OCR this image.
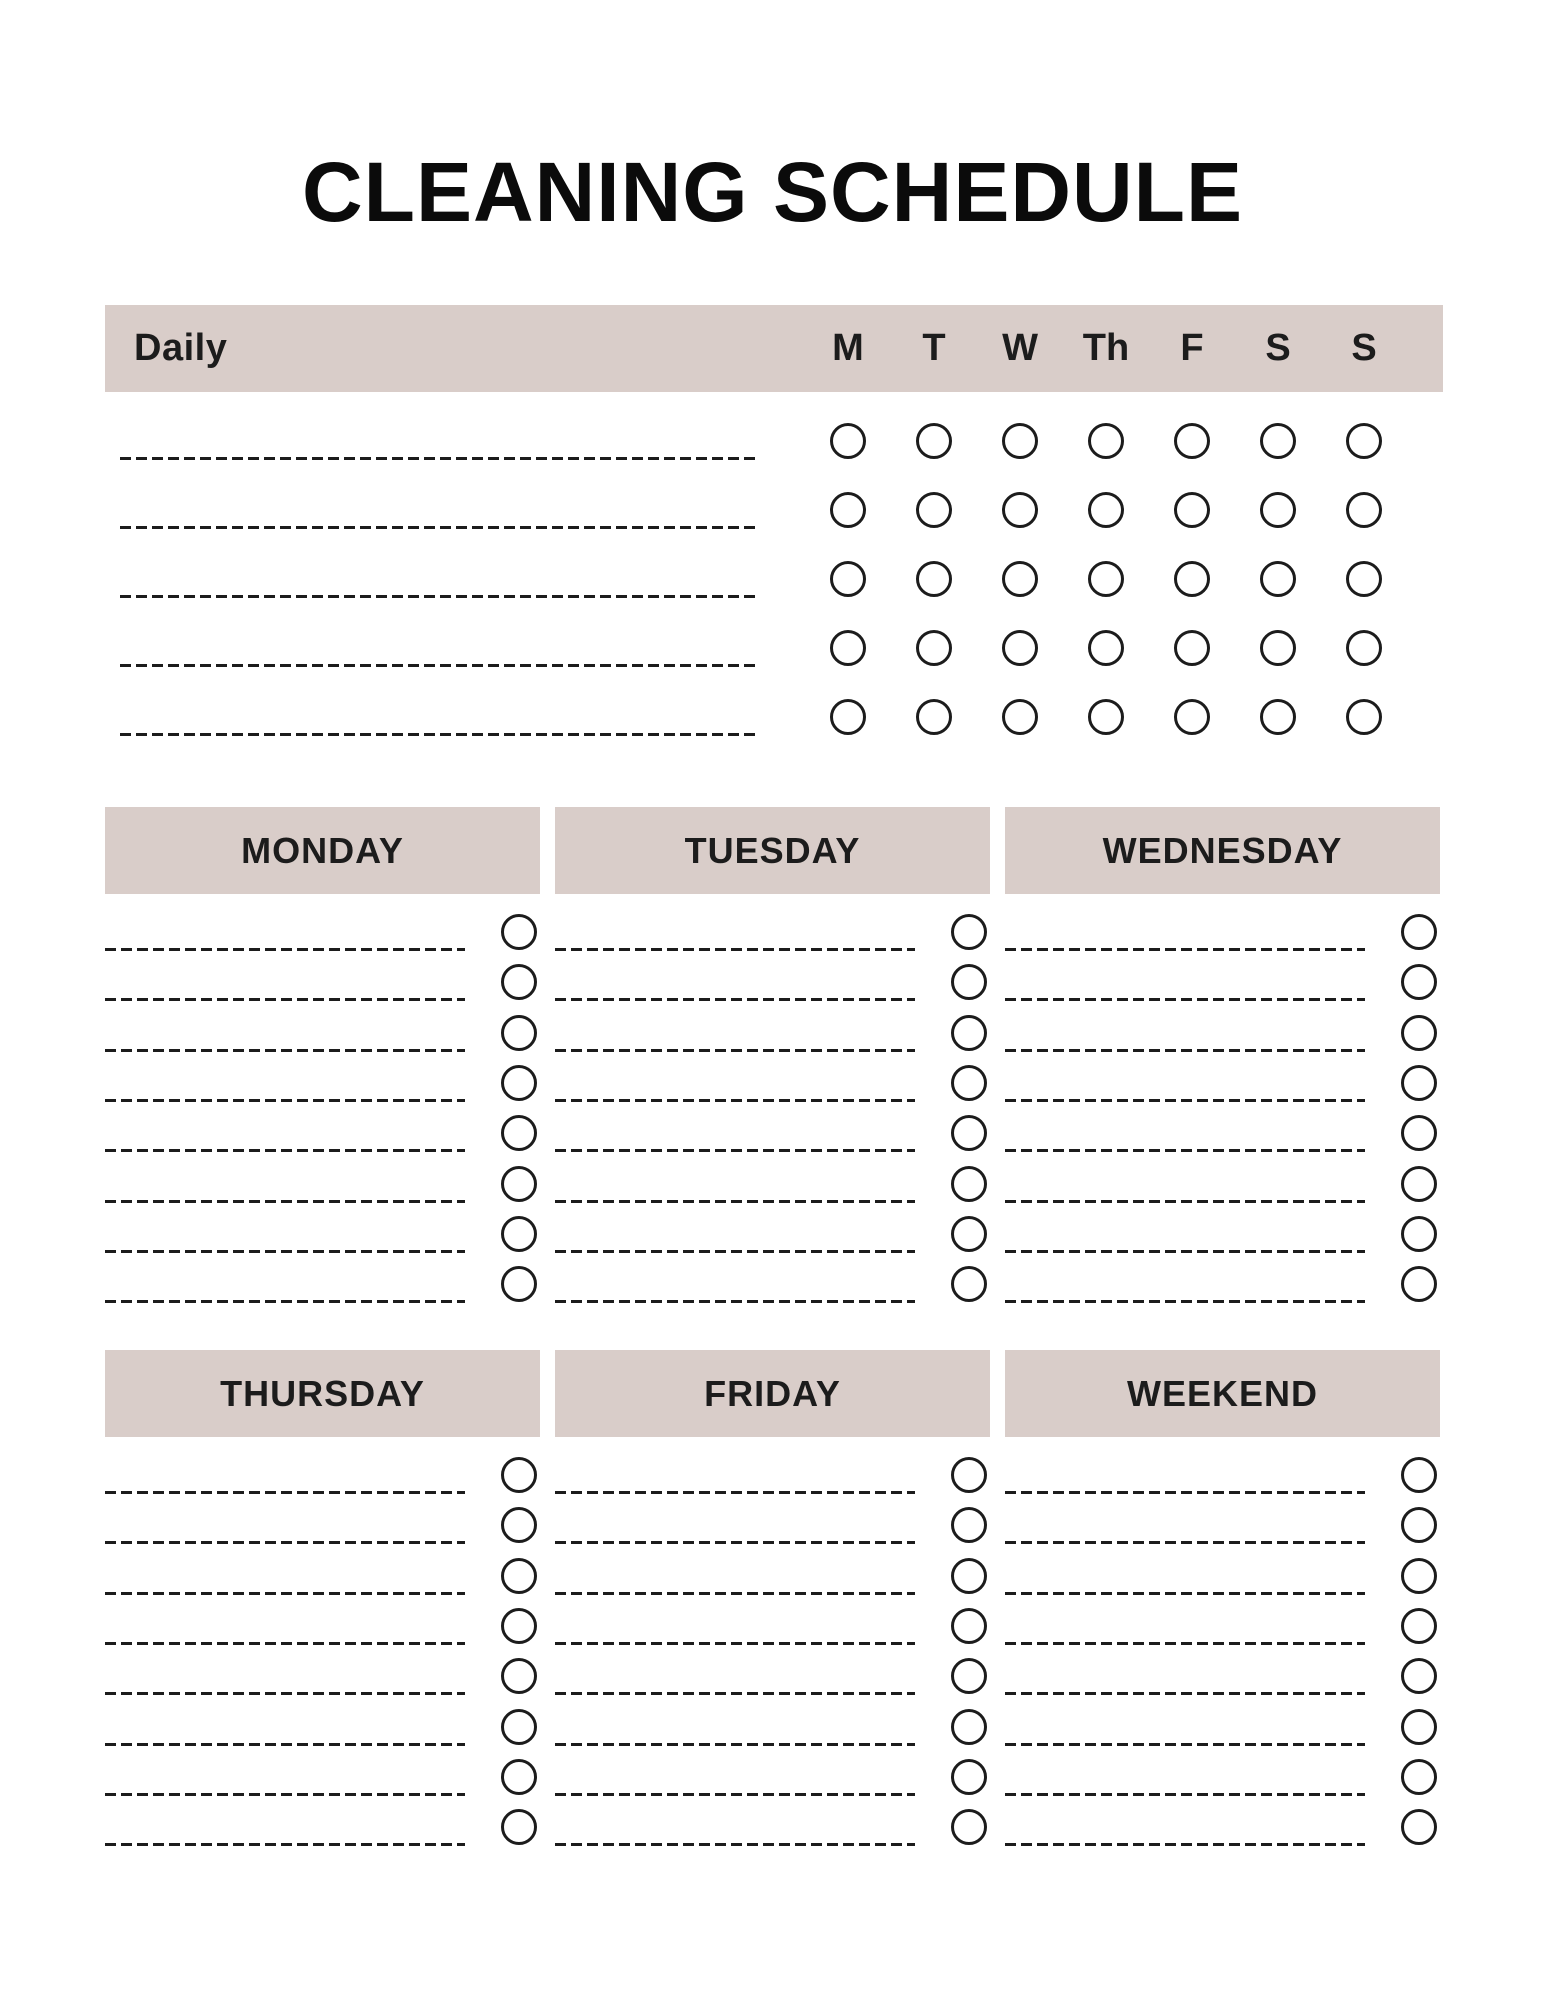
CLEANING SCHEDULE
Daily	M	T	W	Th	F	S	S
MONDAY	TUESDAY	WEDNESDAY
THURSDAY	FRIDAY	WEEKEND
